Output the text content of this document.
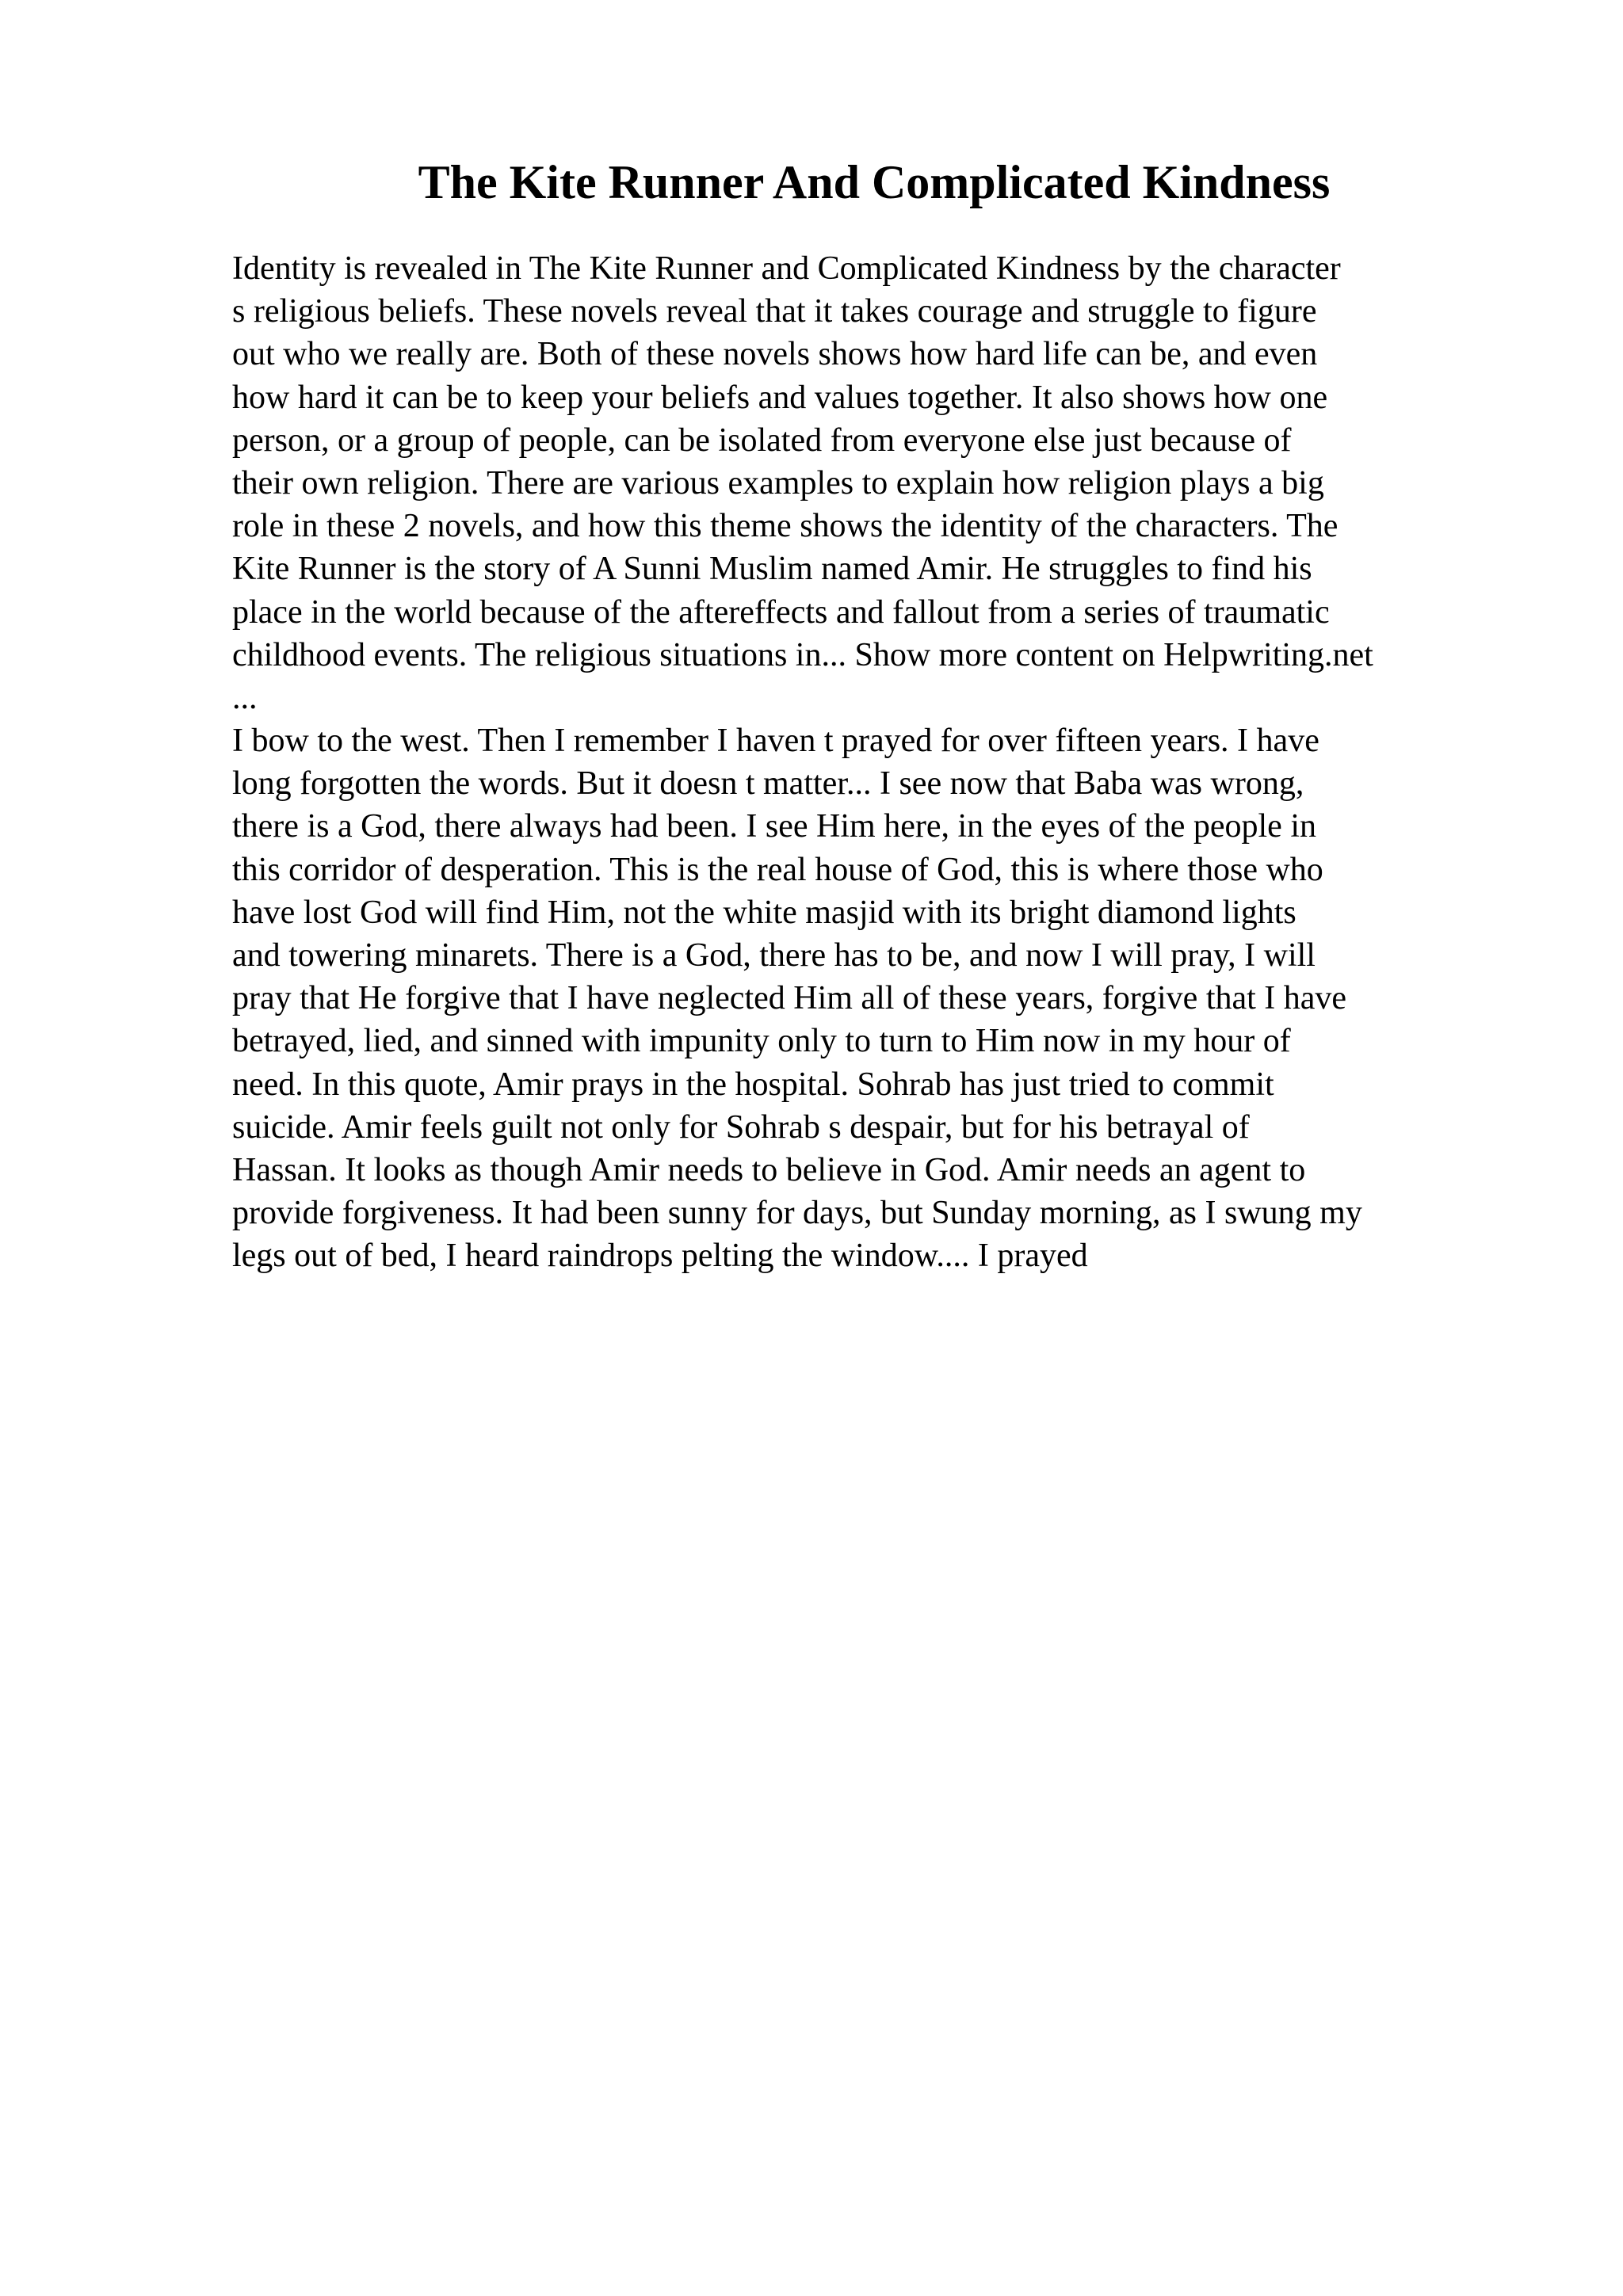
The Kite Runner And Complicated Kindness
Identity is revealed in The Kite Runner and Complicated Kindness by the character
s religious beliefs. These novels reveal that it takes courage and struggle to figure
out who we really are. Both of these novels shows how hard life can be, and even
how hard it can be to keep your beliefs and values together. It also shows how one
person, or a group of people, can be isolated from everyone else just because of
their own religion. There are various examples to explain how religion plays a big
role in these 2 novels, and how this theme shows the identity of the characters. The
Kite Runner is the story of A Sunni Muslim named Amir. He struggles to find his
place in the world because of the aftereffects and fallout from a series of traumatic
childhood events. The religious situations in... Show more content on Helpwriting.net
...
I bow to the west. Then I remember I haven t prayed for over fifteen years. I have
long forgotten the words. But it doesn t matter... I see now that Baba was wrong,
there is a God, there always had been. I see Him here, in the eyes of the people in
this corridor of desperation. This is the real house of God, this is where those who
have lost God will find Him, not the white masjid with its bright diamond lights
and towering minarets. There is a God, there has to be, and now I will pray, I will
pray that He forgive that I have neglected Him all of these years, forgive that I have
betrayed, lied, and sinned with impunity only to turn to Him now in my hour of
need. In this quote, Amir prays in the hospital. Sohrab has just tried to commit
suicide. Amir feels guilt not only for Sohrab s despair, but for his betrayal of
Hassan. It looks as though Amir needs to believe in God. Amir needs an agent to
provide forgiveness. It had been sunny for days, but Sunday morning, as I swung my
legs out of bed, I heard raindrops pelting the window.... I prayed
